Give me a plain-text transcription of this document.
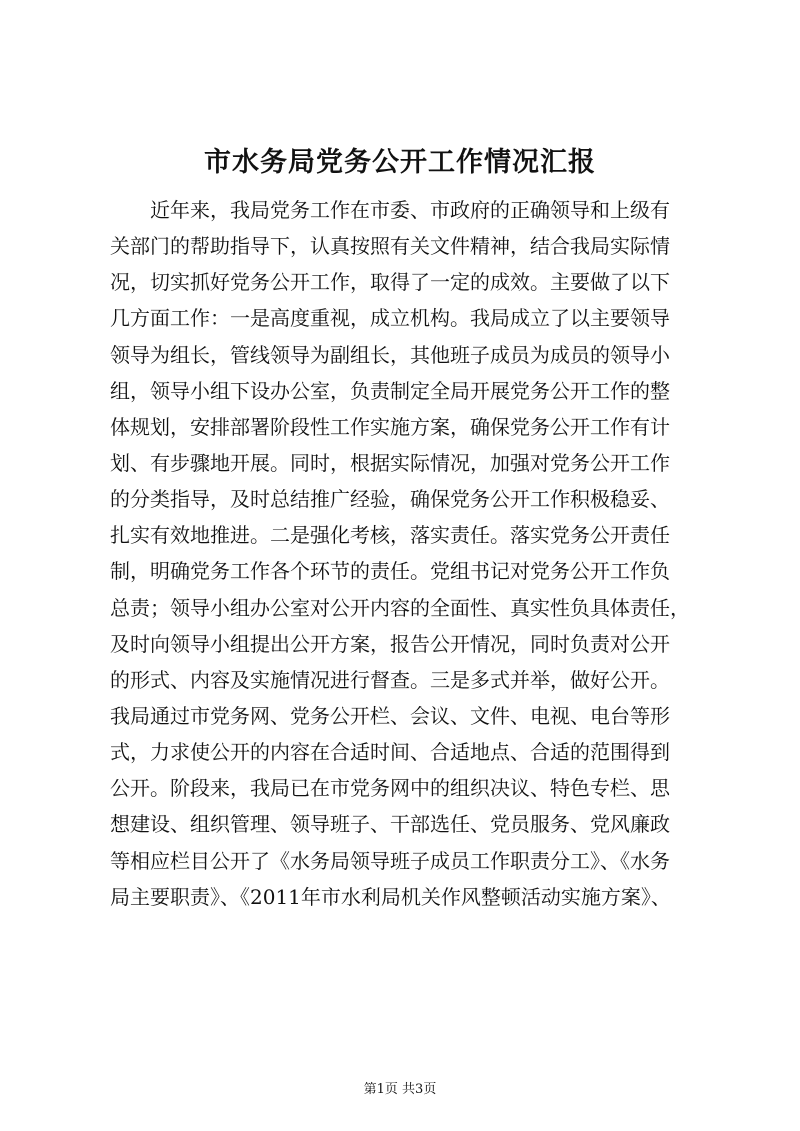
市水务局党务公开工作情况汇报
近年来，我局党务工作在市委、市政府的正确领导和上级有
关部门的帮助指导下，认真按照有关文件精神，结合我局实际情
况，切实抓好党务公开工作，取得了一定的成效。主要做了以下
几方面工作：一是高度重视，成立机构。我局成立了以主要领导
领导为组长，管线领导为副组长，其他班子成员为成员的领导小
组，领导小组下设办公室，负责制定全局开展党务公开工作的整
体规划，安排部署阶段性工作实施方案，确保党务公开工作有计
划、有步骤地开展。同时，根据实际情况，加强对党务公开工作
的分类指导，及时总结推广经验，确保党务公开工作积极稳妥、
扎实有效地推进。二是强化考核，落实责任。落实党务公开责任
制，明确党务工作各个环节的责任。党组书记对党务公开工作负
总责；领导小组办公室对公开内容的全面性、真实性负具体责任，
及时向领导小组提出公开方案，报告公开情况，同时负责对公开
的形式、内容及实施情况进行督查。三是多式并举，做好公开。
我局通过市党务网、党务公开栏、会议、文件、电视、电台等形
式，力求使公开的内容在合适时间、合适地点、合适的范围得到
公开。阶段来，我局已在市党务网中的组织决议、特色专栏、思
想建设、组织管理、领导班子、干部选任、党员服务、党风廉政
等相应栏目公开了《水务局领导班子成员工作职责分工》、《水务
局主要职责》、《2011年市水利局机关作风整顿活动实施方案》、
第1页 共3页
